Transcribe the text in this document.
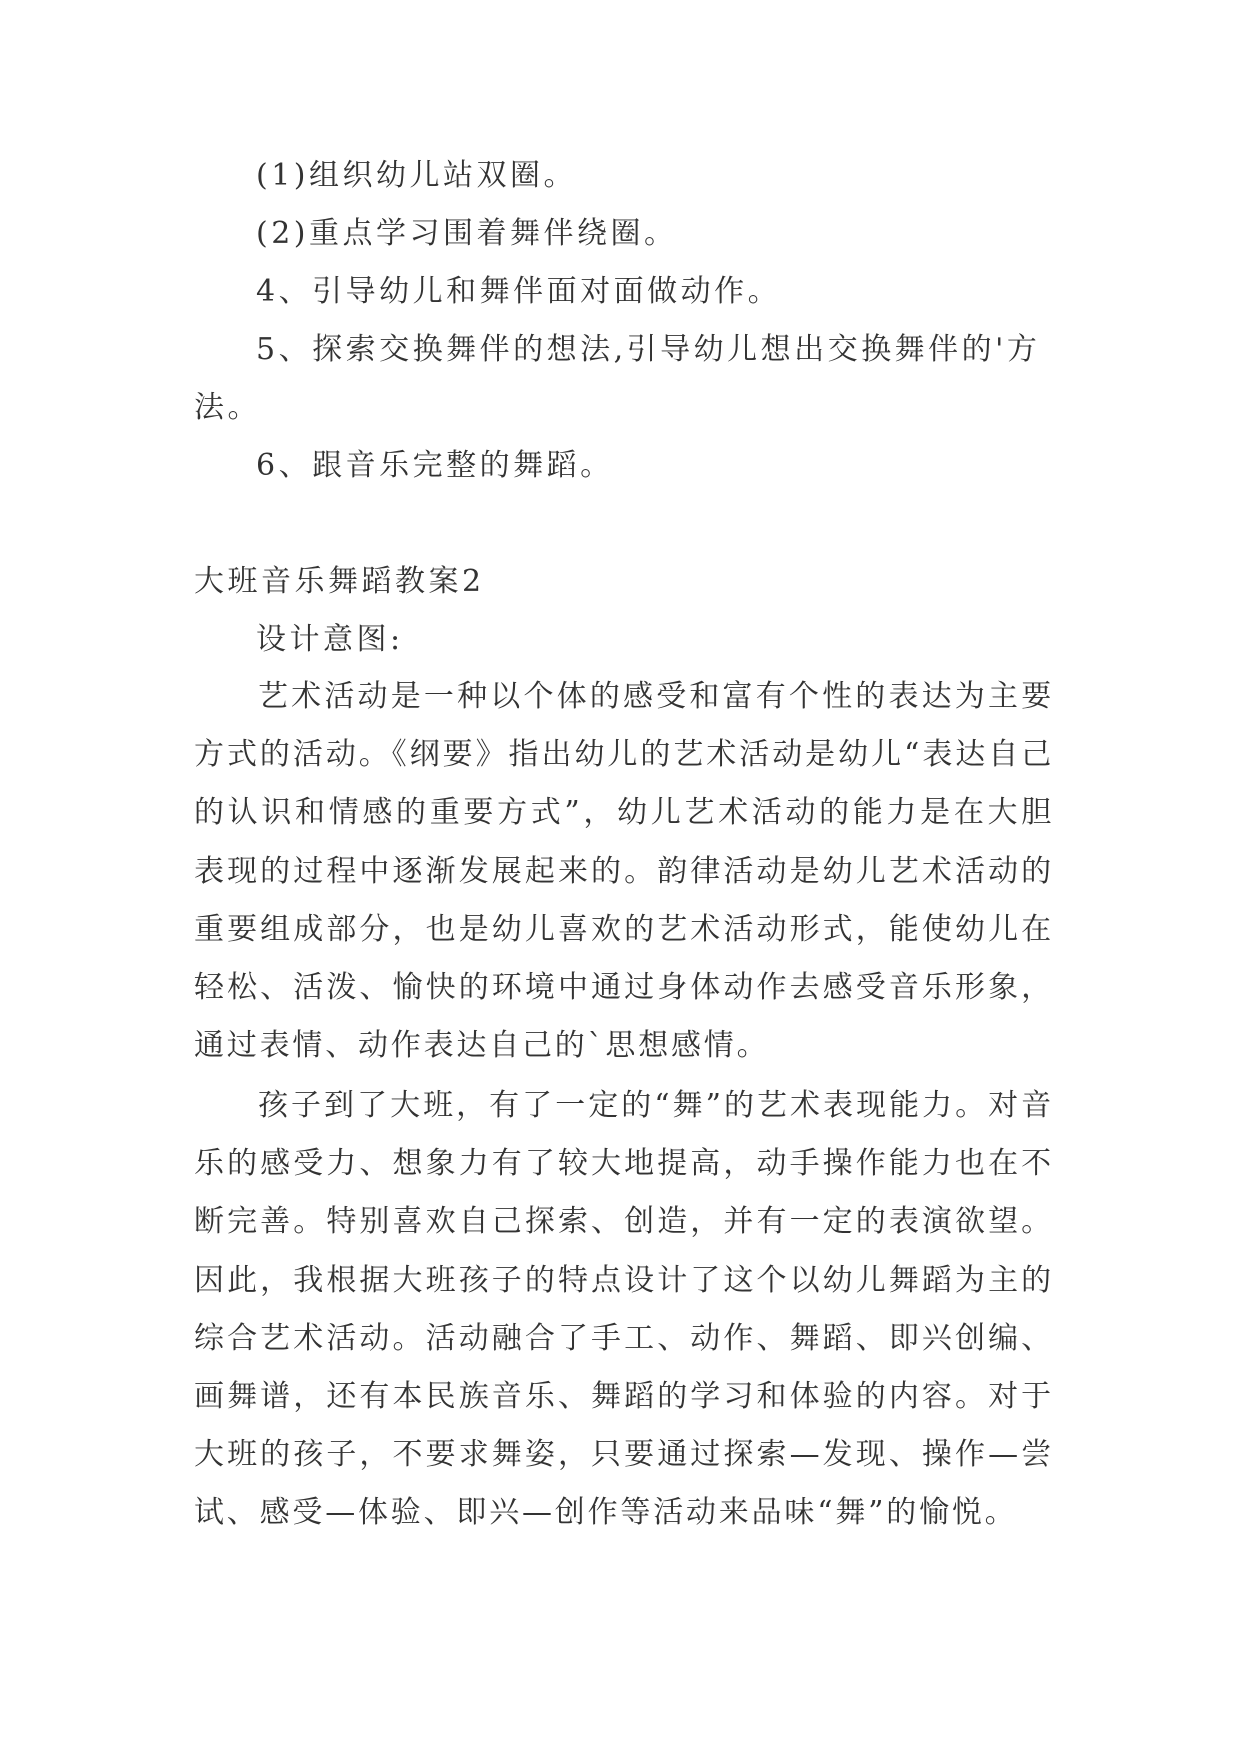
(1)组织幼儿站双圈。
(2)重点学习围着舞伴绕圈。
4、引导幼儿和舞伴面对面做动作。
5、探索交换舞伴的想法,引导幼儿想出交换舞伴的'方
法。
6、跟音乐完整的舞蹈。
大班音乐舞蹈教案2
设计意图:

艺术活动是一种以个体的感受和富有个性的表达为主要方式的活动。《纲要》指出幼儿的艺术活动是幼儿“表达自己的认识和情感的重要方式”，幼儿艺术活动的能力是在大胆表现的过程中逐渐发展起来的。韵律活动是幼儿艺术活动的重要组成部分，也是幼儿喜欢的艺术活动形式，能使幼儿在轻松、活泼、愉快的环境中通过身体动作去感受音乐形象，通过表情、动作表达自己的`思想感情。

孩子到了大班，有了一定的“舞”的艺术表现能力。对音乐的感受力、想象力有了较大地提高，动手操作能力也在不断完善。特别喜欢自己探索、创造，并有一定的表演欲望。因此，我根据大班孩子的特点设计了这个以幼儿舞蹈为主的综合艺术活动。活动融合了手工、动作、舞蹈、即兴创编、画舞谱，还有本民族音乐、舞蹈的学习和体验的内容。对于大班的孩子，不要求舞姿，只要通过探索—发现、操作—尝试、感受—体验、即兴—创作等活动来品味“舞”的愉悦。
